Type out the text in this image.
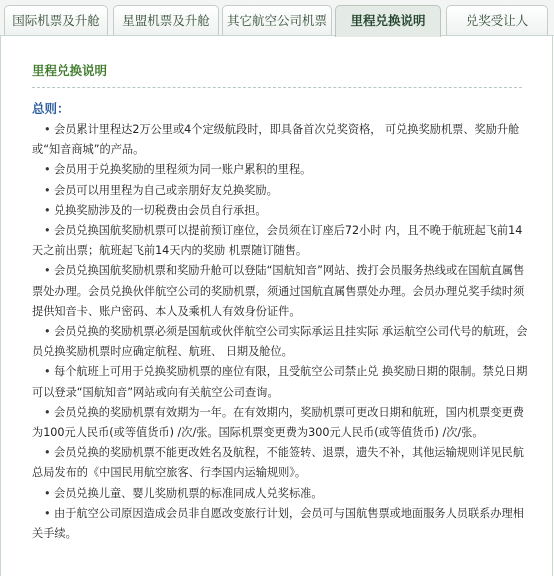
国际机票及升舱	星盟机票及升舱	其它航空公司机票	里程兑换说明	兑奖受让人
里程兑换说明
总则：
• 会员累计里程达2万公里或4个定级航段时，即具备首次兑奖资格， 可兑换奖励机票、奖励升舱或“知音商城”的产品。
• 会员用于兑换奖励的里程须为同一账户累积的里程。
• 会员可以用里程为自己或亲朋好友兑换奖励。
• 兑换奖励涉及的一切税费由会员自行承担。
• 会员兑换国航奖励机票可以提前预订座位，会员须在订座后72小时 内，且不晚于航班起飞前14天之前出票；航班起飞前14天内的奖励 机票随订随售。
• 会员兑换国航奖励机票和奖励升舱可以登陆“国航知音”网站、拨打会员服务热线或在国航直属售票处办理。会员兑换伙伴航空公司的奖励机票，须通过国航直属售票处办理。会员办理兑奖手续时须提供知音卡、账户密码、本人及乘机人有效身份证件。
• 会员兑换的奖励机票必须是国航或伙伴航空公司实际承运且挂实际 承运航空公司代号的航班，会员兑换奖励机票时应确定航程、航班、 日期及舱位。
• 每个航班上可用于兑换奖励机票的座位有限，且受航空公司禁止兑 换奖励日期的限制。禁兑日期可以登录“国航知音”网站或向有关航空公司查询。
• 会员兑换的奖励机票有效期为一年。在有效期内，奖励机票可更改日期和航班，国内机票变更费为100元人民币(或等值货币) /次/张。国际机票变更费为300元人民币(或等值货币) /次/张。
• 会员兑换的奖励机票不能更改姓名及航程，不能签转、退票，遗失不补，其他运输规则详见民航总局发布的《中国民用航空旅客、行李国内运输规则》。
• 会员兑换儿童、婴儿奖励机票的标准同成人兑奖标准。
• 由于航空公司原因造成会员非自愿改变旅行计划，会员可与国航售票或地面服务人员联系办理相关手续。
